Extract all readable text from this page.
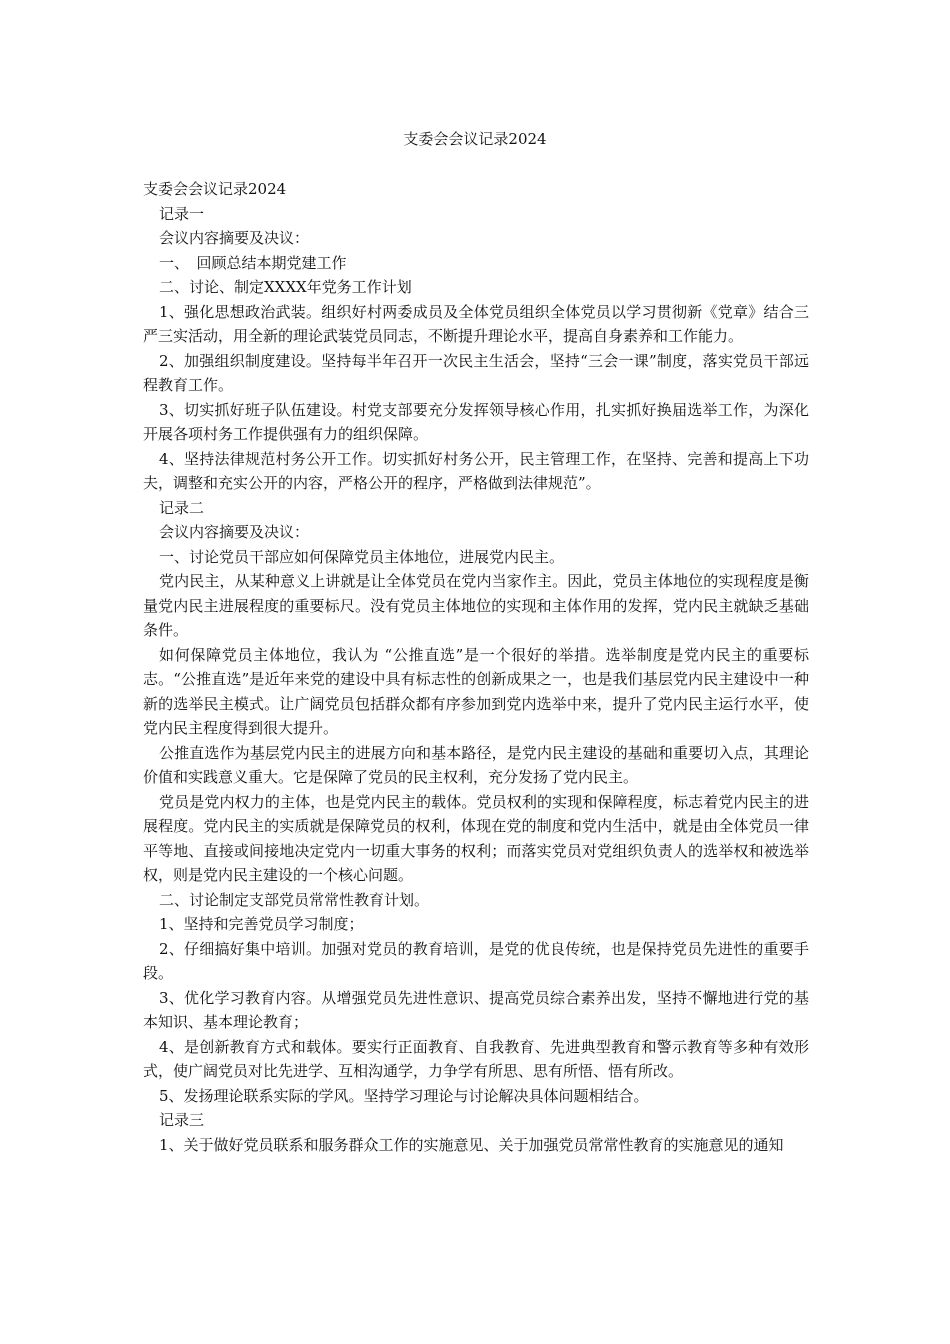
支委会会议记录2024

支委会会议记录2024

记录一

会议内容摘要及决议：

一、　回顾总结本期党建工作

二、讨论、制定XXXX年党务工作计划

1、强化思想政治武装。组织好村两委成员及全体党员组织全体党员以学习贯彻新《党章》结合三严三实活动，用全新的理论武装党员同志，不断提升理论水平，提高自身素养和工作能力。

2、加强组织制度建设。坚持每半年召开一次民主生活会，坚持“三会一课”制度，落实党员干部远程教育工作。

3、切实抓好班子队伍建设。村党支部要充分发挥领导核心作用，扎实抓好换届选举工作，为深化开展各项村务工作提供强有力的组织保障。

4、坚持法律规范村务公开工作。切实抓好村务公开，民主管理工作，在坚持、完善和提高上下功夫，调整和充实公开的内容，严格公开的程序，严格做到法律规范”。

记录二

会议内容摘要及决议：

一、讨论党员干部应如何保障党员主体地位，进展党内民主。

党内民主，从某种意义上讲就是让全体党员在党内当家作主。因此，党员主体地位的实现程度是衡量党内民主进展程度的重要标尺。没有党员主体地位的实现和主体作用的发挥，党内民主就缺乏基础条件。

如何保障党员主体地位，我认为 “公推直选”是一个很好的举措。选举制度是党内民主的重要标志。“公推直选”是近年来党的建设中具有标志性的创新成果之一，也是我们基层党内民主建设中一种新的选举民主模式。让广阔党员包括群众都有序参加到党内选举中来，提升了党内民主运行水平，使党内民主程度得到很大提升。

公推直选作为基层党内民主的进展方向和基本路径，是党内民主建设的基础和重要切入点，其理论价值和实践意义重大。它是保障了党员的民主权利，充分发扬了党内民主。

党员是党内权力的主体，也是党内民主的载体。党员权利的实现和保障程度，标志着党内民主的进展程度。党内民主的实质就是保障党员的权利，体现在党的制度和党内生活中，就是由全体党员一律平等地、直接或间接地决定党内一切重大事务的权利；而落实党员对党组织负责人的选举权和被选举权，则是党内民主建设的一个核心问题。

二、讨论制定支部党员常常性教育计划。

1、坚持和完善党员学习制度；

2、仔细搞好集中培训。加强对党员的教育培训，是党的优良传统，也是保持党员先进性的重要手段。

3、优化学习教育内容。从增强党员先进性意识、提高党员综合素养出发，坚持不懈地进行党的基本知识、基本理论教育；

4、是创新教育方式和载体。要实行正面教育、自我教育、先进典型教育和警示教育等多种有效形式，使广阔党员对比先进学、互相沟通学，力争学有所思、思有所悟、悟有所改。

5、发扬理论联系实际的学风。坚持学习理论与讨论解决具体问题相结合。

记录三

1、关于做好党员联系和服务群众工作的实施意见、关于加强党员常常性教育的实施意见的通知
